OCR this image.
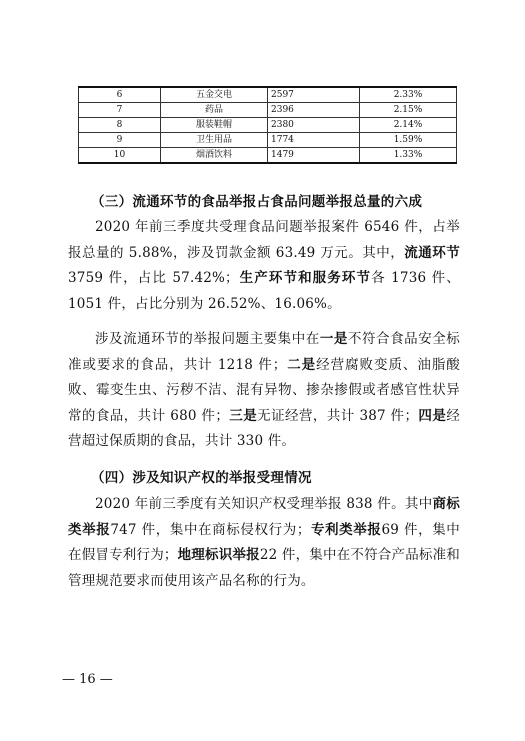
6	五金交电	2597	2.33%
7	药品	2396	2.15%
8	服装鞋帽	2380	2.14%
9	卫生用品	1774	1.59%
10	烟酒饮料	1479	1.33%
（三）流通环节的食品举报占食品问题举报总量的六成

2020 年前三季度共受理食品问题举报案件 6546 件，占举报总量的 5.88%，涉及罚款金额 63.49 万元。其中，流通环节3759 件，占比 57.42%；生产环节和服务环节各 1736 件、1051 件，占比分别为 26.52%、16.06%。

涉及流通环节的举报问题主要集中在一是不符合食品安全标准或要求的食品，共计 1218 件；二是经营腐败变质、油脂酸败、霉变生虫、污秽不洁、混有异物、掺杂掺假或者感官性状异常的食品，共计 680 件；三是无证经营，共计 387 件；四是经营超过保质期的食品，共计 330 件。

（四）涉及知识产权的举报受理情况

2020 年前三季度有关知识产权受理举报 838 件。其中商标类举报747 件，集中在商标侵权行为；专利类举报69 件，集中在假冒专利行为；地理标识举报22 件，集中在不符合产品标准和管理规范要求而使用该产品名称的行为。

— 16 —
